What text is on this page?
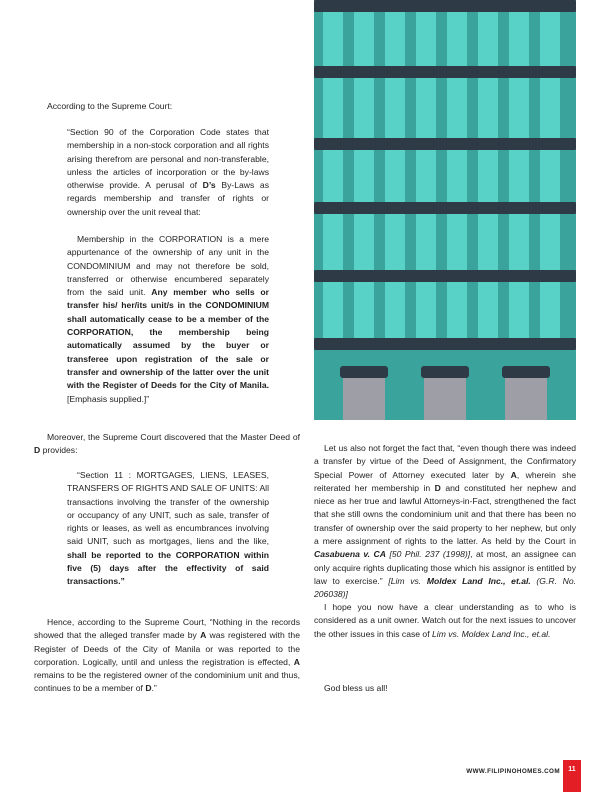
According to the Supreme Court:

“Section 90 of the Corporation Code states that membership in a non-stock corporation and all rights arising therefrom are personal and non-transferable, unless the articles of incorporation or the by-laws otherwise provide. A perusal of D’s By-Laws as regards membership and transfer of rights or ownership over the unit reveal that:

Membership in the CORPORATION is a mere appurtenance of the ownership of any unit in the CONDOMINIUM and may not therefore be sold, transferred or otherwise encumbered separately from the said unit. Any member who sells or transfer his/ her/its unit/s in the CONDOMINIUM shall automatically cease to be a member of the CORPORATION, the membership being automatically assumed by the buyer or transferee upon registration of the sale or transfer and ownership of the latter over the unit with the Register of Deeds for the City of Manila. [Emphasis supplied.]”

Moreover, the Supreme Court discovered that the Master Deed of D provides:

“Section 11 : MORTGAGES, LIENS, LEASES, TRANSFERS OF RIGHTS AND SALE OF UNITS: All transactions involving the transfer of the ownership or occupancy of any UNIT, such as sale, transfer of rights or leases, as well as encumbrances involving said UNIT, such as mortgages, liens and the like, shall be reported to the CORPORATION within five (5) days after the effectivity of said transactions.”

Hence, according to the Supreme Court, “Nothing in the records showed that the alleged transfer made by A was registered with the Register of Deeds of the City of Manila or was reported to the corporation. Logically, until and unless the registration is effected, A remains to be the registered owner of the condominium unit and thus, continues to be a member of D.”

Let us also not forget the fact that, “even though there was indeed a transfer by virtue of the Deed of Assignment, the Confirmatory Special Power of Attorney executed later by A, wherein she reiterated her membership in D and constituted her nephew and niece as her true and lawful Attorneys-in-Fact, strengthened the fact that she still owns the condominium unit and that there has been no transfer of ownership over the said property to her nephew, but only a mere assignment of rights to the latter. As held by the Court in Casabuena v. CA [50 Phil. 237 (1998)], at most, an assignee can only acquire rights duplicating those which his assignor is entitled by law to exercise.” [Lim vs. Moldex Land Inc., et.al. (G.R. No. 206038)]

I hope you now have a clear understanding as to who is considered as a unit owner. Watch out for the next issues to uncover the other issues in this case of Lim vs. Moldex Land Inc., et.al.

God bless us all!

WWW.FILIPINOHOMES.COM	11
